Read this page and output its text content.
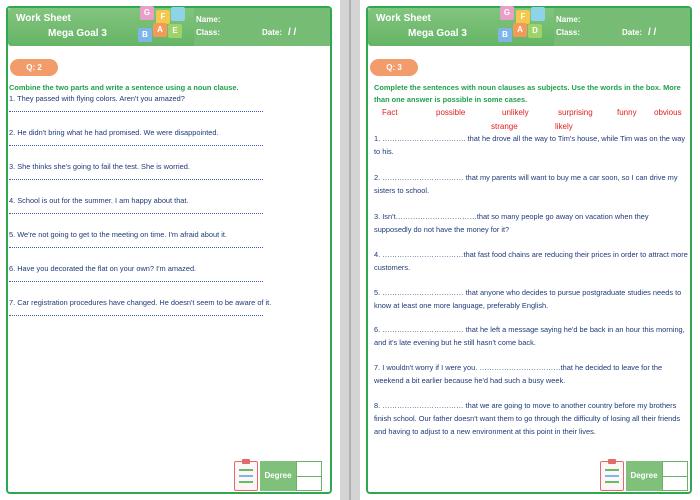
Work Sheet
Mega Goal 3
Name:
Class:	Date: / /
G	F
B
A	E
Q: 2
Combine the two parts and write a sentence using a noun clause.
1. They passed with flying colors. Aren't you amazed?
2. He didn't bring what he had promised. We were disappointed.
3. She thinks she's going to fail the test. She is worried.
4. School is out for the summer. I am happy about that.
5. We're not going to get to the meeting on time. I'm afraid about it.
6. Have you decorated the flat on your own? I'm amazed.
7. Car registration procedures have changed. He doesn't seem to be aware of it.
Degree
Work Sheet
Mega Goal 3
Name:
Class:	Date: / /
G	F
B
A	D
Q: 3
Complete the sentences with noun clauses as subjects. Use the words in the box. More than one answer is possible in some cases.
Fact	possible	unlikely	surprising	funny obvious
strange	likely
1. ……………………………. that he drove all the way to Tim's house, while Tim was on the way to his.
2. …………………………… that my parents will want to buy me a car soon, so I can drive my sisters to school.
3. Isn't……………………………that so many people go away on vacation when they supposedly do not have the money for it?
4. ……………………………that fast food chains are reducing their prices in order to attract more customers.
5. …………………………… that anyone who decides to pursue postgraduate studies needs to know at least one more language, preferably English.
6. …………………………… that he left a message saying he'd be back in an hour this morning, and it's late evening but he still hasn't come back.
7. I wouldn't worry if I were you. ……………………………that he decided to leave for the weekend a bit earlier because he'd had such a busy week.
8. …………………………… that we are going to move to another country before my brothers finish school. Our father doesn't want them to go through the difficulty of losing all their friends and having to adjust to a new environment at this point in their lives.
Degree
